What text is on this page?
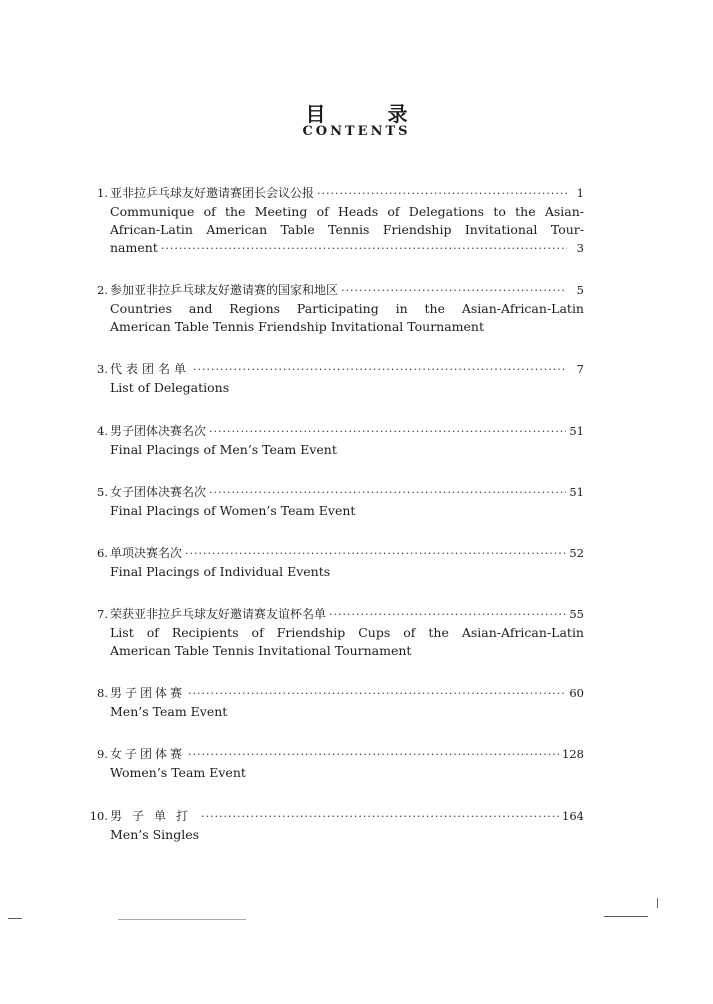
目录
CONTENTS
1. 亚非拉乒乓球友好邀请赛团长会议公报 ·····	1
Communique of the Meeting of Heads of Delegations to the Asian-
African-Latin American Table Tennis Friendship Invitational Tour-
nament ·····	3
2. 参加亚非拉乒乓球友好邀请赛的国家和地区 ·····	5
Countries and Regions Participating in the Asian-African-Latin
American Table Tennis Friendship Invitational Tournament
3. 代表团名单 ·····	7
List of Delegations
4. 男子团体决赛名次 ·····	51
Final Placings of Men’s Team Event
5. 女子团体决赛名次 ·····	51
Final Placings of Women’s Team Event
6. 单项决赛名次 ·····	52
Final Placings of Individual Events
7. 荣获亚非拉乒乓球友好邀请赛友谊杯名单 ·····	55
List of Recipients of Friendship Cups of the Asian-African-Latin
American Table Tennis Invitational Tournament
8. 男子团体赛 ·····	60
Men’s Team Event
9. 女子团体赛 ·····	128
Women’s Team Event
10. 男子单打 ·····	164
Men’s Singles
